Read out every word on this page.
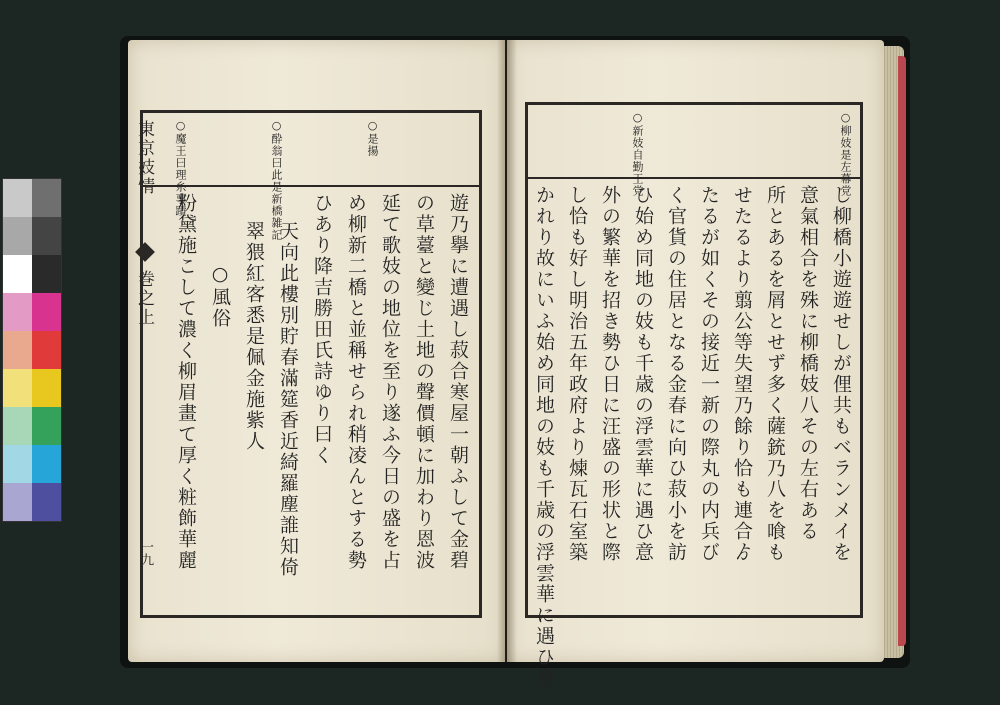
東京妓情
巻之上
一九
○魔王曰理糸事蹟	○酔翁曰此是新橋雑記	○是揚
遊乃擧に遭遇し菽合寒屋一朝ふして金碧
の草薹と變じ土地の聲價頓に加わり恩波
延て歌妓の地位を至り遂ふ今日の盛を占
め柳新二橋と並稱せられ稍凌んとする勢
ひあり降吉勝田氏詩ゆり曰く
天向此樓別貯春滿筵香近綺羅塵誰知倚
翠猥紅客悉是佩金施紫人
○風俗
粉黛施こして濃く柳眉畫て厚く粧飾華麗
○柳妓是左幕党
○新妓自勤王党
し柳橋小遊遊せしが俚共もベランメイを
意氣相合を殊に柳橋妓八その左右ある
所とあるを屑とせず多く薩銃乃八を喰も
せたるより翦公等失望乃餘り恰も連合ゟ
たるが如くその接近一新の際丸の内兵び
く官貨の住居となる金春に向ひ菽小を訪
ひ始め同地の妓も千歳の浮雲華に遇ひ意
外の繁華を招き勢ひ日に汪盛の形状と際
し恰も好し明治五年政府より煉瓦石室築
かれり故にいふ始め同地の妓も千歳の浮雲華に遇ひ意
